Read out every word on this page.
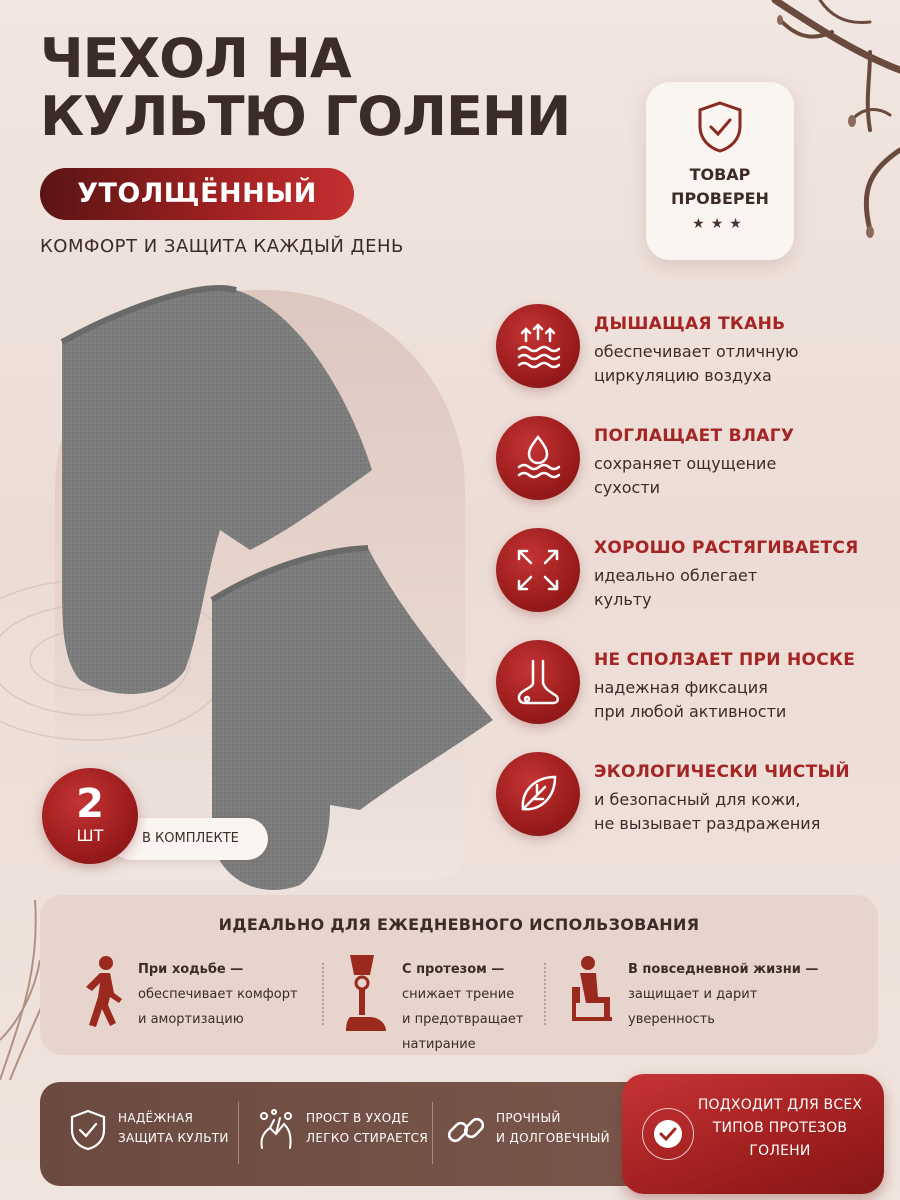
ЧЕХОЛ НА
КУЛЬТЮ ГОЛЕНИ
УТОЛЩЁННЫЙ
КОМФОРТ И ЗАЩИТА КАЖДЫЙ ДЕНЬ
ТОВАР
ПРОВЕРЕН
★★★
2
ШТ	В КОМПЛЕКТЕ
ДЫШАЩАЯ ТКАНЬ
обеспечивает отличную
циркуляцию воздуха
ПОГЛАЩАЕТ ВЛАГУ
сохраняет ощущение
сухости
ХОРОШО РАСТЯГИВАЕТСЯ
идеально облегает
культу
НЕ СПОЛЗАЕТ ПРИ НОСКЕ
надежная фиксация
при любой активности
ЭКОЛОГИЧЕСКИ ЧИСТЫЙ
и безопасный для кожи,
не вызывает раздражения
ИДЕАЛЬНО ДЛЯ ЕЖЕДНЕВНОГО ИСПОЛЬЗОВАНИЯ
При ходьбе —
обеспечивает комфорт
и амортизацию
С протезом —
снижает трение
и предотвращает
натирание
В повседневной жизни —
защищает и дарит
уверенность
НАДЁЖНАЯ
ЗАЩИТА КУЛЬТИ
ПРОСТ В УХОДЕ
ЛЕГКО СТИРАЕТСЯ
ПРОЧНЫЙ
И ДОЛГОВЕЧНЫЙ
ПОДХОДИТ ДЛЯ ВСЕХ
ТИПОВ ПРОТЕЗОВ
ГОЛЕНИ
